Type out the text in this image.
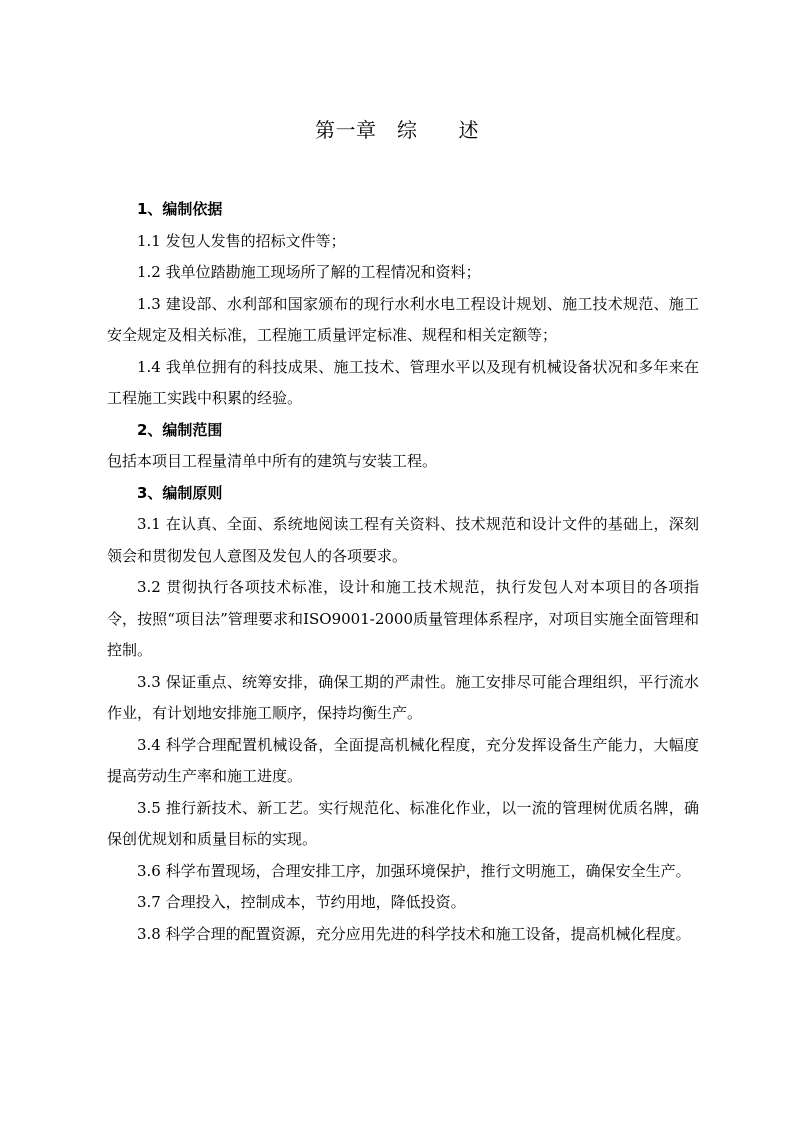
第一章　综　　述
1、编制依据

1.1 发包人发售的招标文件等；

1.2 我单位踏勘施工现场所了解的工程情况和资料；

1.3 建设部、水利部和国家颁布的现行水利水电工程设计规划、施工技术规范、施工安全规定及相关标准，工程施工质量评定标准、规程和相关定额等；

1.4 我单位拥有的科技成果、施工技术、管理水平以及现有机械设备状况和多年来在工程施工实践中积累的经验。

2、编制范围

包括本项目工程量清单中所有的建筑与安装工程。

3、编制原则

3.1 在认真、全面、系统地阅读工程有关资料、技术规范和设计文件的基础上，深刻领会和贯彻发包人意图及发包人的各项要求。

3.2 贯彻执行各项技术标准，设计和施工技术规范，执行发包人对本项目的各项指令，按照“项目法”管理要求和ISO9001-2000质量管理体系程序，对项目实施全面管理和控制。

3.3 保证重点、统筹安排，确保工期的严肃性。施工安排尽可能合理组织，平行流水作业，有计划地安排施工顺序，保持均衡生产。

3.4 科学合理配置机械设备，全面提高机械化程度，充分发挥设备生产能力，大幅度提高劳动生产率和施工进度。

3.5 推行新技术、新工艺。实行规范化、标准化作业，以一流的管理树优质名牌，确保创优规划和质量目标的实现。

3.6 科学布置现场，合理安排工序，加强环境保护，推行文明施工，确保安全生产。

3.7 合理投入，控制成本，节约用地，降低投资。

3.8 科学合理的配置资源，充分应用先进的科学技术和施工设备，提高机械化程度。
